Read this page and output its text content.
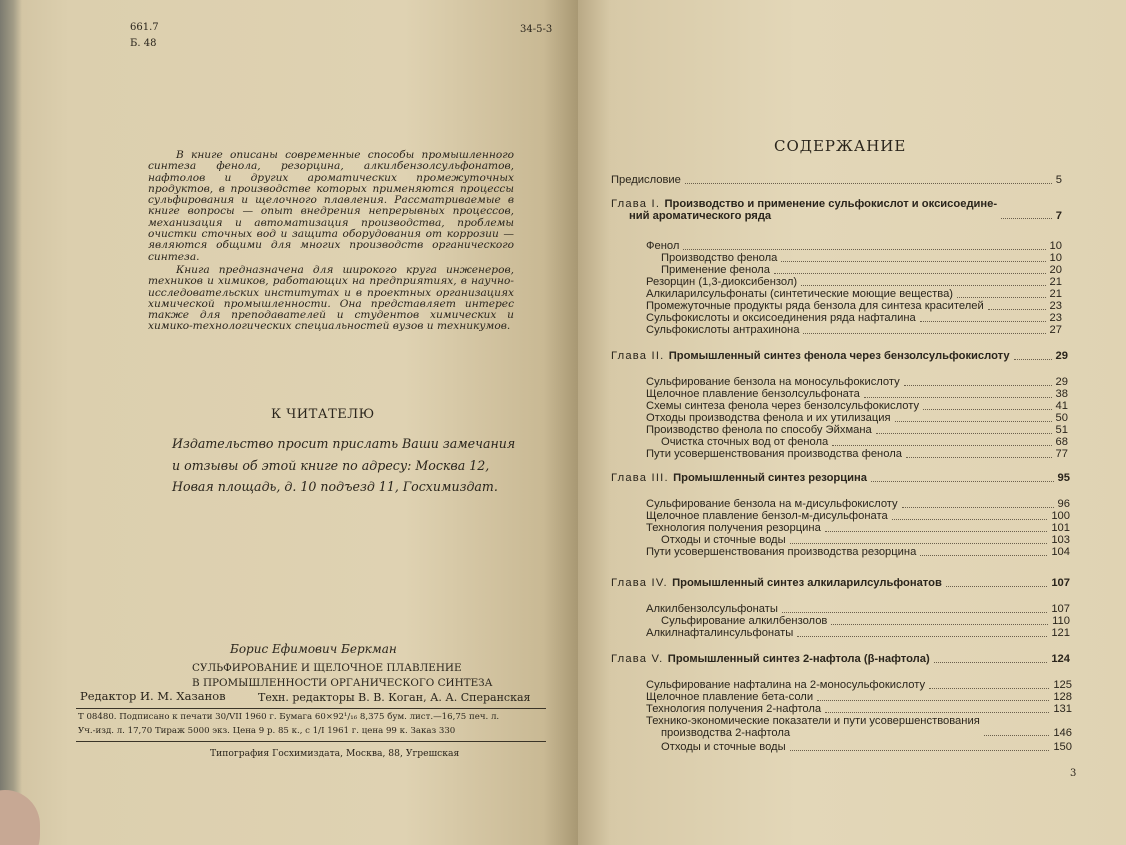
661.7
Б. 48
34-5-3

В книге описаны современные способы промышленного синтеза фенола, резорцина, алкилбензолсульфонатов, нафтолов и других ароматических промежуточных продуктов, в производстве которых применяются процессы сульфирования и щелочного плавления. Рассматриваемые в книге вопросы — опыт внедрения непрерывных процессов, механизация и автоматизация производства, проблемы очистки сточных вод и защита оборудования от коррозии — являются общими для многих производств органического синтеза.

Книга предназначена для широкого круга инженеров, техников и химиков, работающих на предприятиях, в научно-исследовательских институтах и в проектных организациях химической промышленности. Она представляет интерес также для преподавателей и студентов химических и химико-технологических специальностей вузов и техникумов.

К ЧИТАТЕЛЮ
Издательство просит прислать Ваши замечания
и отзывы об этой книге по адресу: Москва 12,
Новая площадь, д. 10 подъезд 11, Госхимиздат.
Борис Ефимович Беркман
СУЛЬФИРОВАНИЕ И ЩЕЛОЧНОЕ ПЛАВЛЕНИЕ
В ПРОМЫШЛЕННОСТИ ОРГАНИЧЕСКОГО СИНТЕЗА
Редактор И. М. Хазанов	Техн. редакторы В. В. Коган, А. А. Сперанская
Т 08480. Подписано к печати 30/VII 1960 г. Бумага 60×92¹/₁₆ 8,375 бум. лист.—16,75 печ. л.
Уч.-изд. л. 17,70 Тираж 5000 экз. Цена 9 р. 85 к., с 1/I 1961 г. цена 99 к. Заказ 330
Типография Госхимиздата, Москва, 88, Угрешская
СОДЕРЖАНИЕ
Предисловие	5
Глава I. Производство и применение сульфокислот и оксисоедине-
ний ароматического ряда	7
Фенол	10
Производство фенола	10
Применение фенола	20
Резорцин (1,3-диоксибензол)	21
Алкиларилсульфонаты (синтетические моющие вещества)	21
Промежуточные продукты ряда бензола для синтеза красителей	23
Сульфокислоты и оксисоединения ряда нафталина	23
Сульфокислоты антрахинона	27
Глава II. Промышленный синтез фенола через бензолсульфокислоту	29
Сульфирование бензола на моносульфокислоту	29
Щелочное плавление бензолсульфоната	38
Схемы синтеза фенола через бензолсульфокислоту	41
Отходы производства фенола и их утилизация	50
Производство фенола по способу Эйхмана	51
Очистка сточных вод от фенола	68
Пути усовершенствования производства фенола	77
Глава III. Промышленный синтез резорцина	95
Сульфирование бензола на м-дисульфокислоту	96
Щелочное плавление бензол-м-дисульфоната	100
Технология получения резорцина	101
Отходы и сточные воды	103
Пути усовершенствования производства резорцина	104
Глава IV. Промышленный синтез алкиларилсульфонатов	107
Алкилбензолсульфонаты	107
Сульфирование алкилбензолов	110
Алкилнафталинсульфонаты	121
Глава V. Промышленный синтез 2-нафтола (β-нафтола)	124
Сульфирование нафталина на 2-моносульфокислоту	125
Щелочное плавление бета-соли	128
Технология получения 2-нафтола	131
Технико-экономические показатели и пути усовершенствования
производства 2-нафтола	146
Отходы и сточные воды	150
3
